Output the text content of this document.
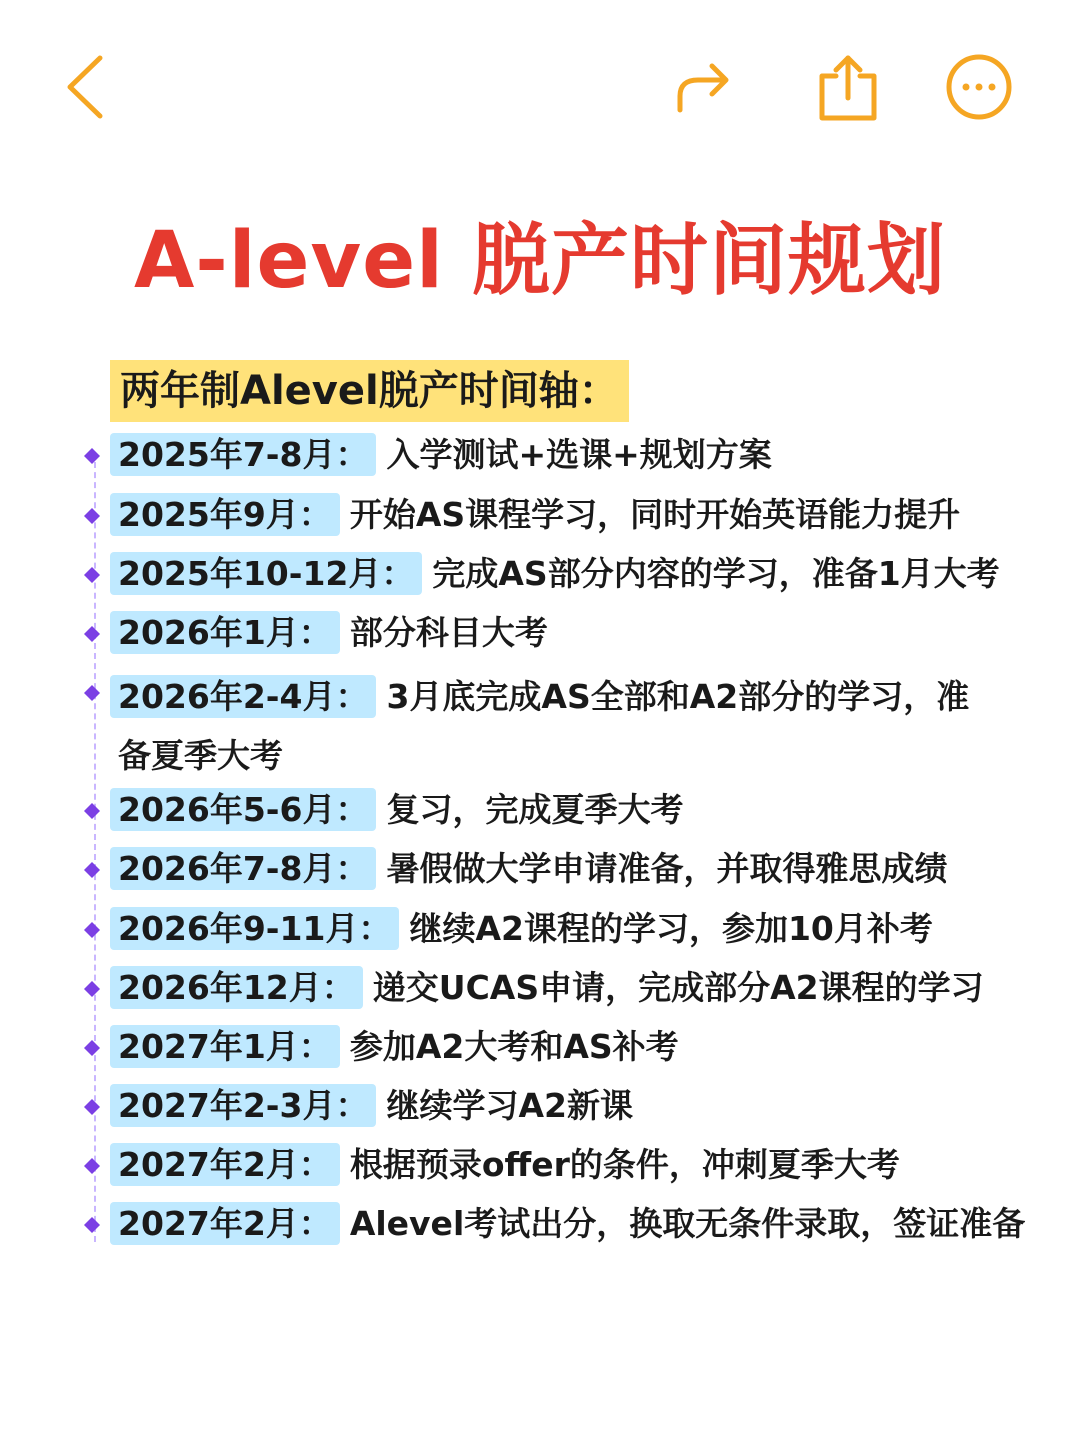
A-level 脱产时间规划
两年制Alevel脱产时间轴：
2025年7-8月： 入学测试+选课+规划方案
2025年9月： 开始AS课程学习，同时开始英语能力提升
2025年10-12月： 完成AS部分内容的学习，准备1月大考
2026年1月： 部分科目大考
2026年2-4月： 3月底完成AS全部和A2部分的学习，准备夏季大考
2026年5-6月： 复习，完成夏季大考
2026年7-8月： 暑假做大学申请准备，并取得雅思成绩
2026年9-11月： 继续A2课程的学习，参加10月补考
2026年12月： 递交UCAS申请，完成部分A2课程的学习
2027年1月： 参加A2大考和AS补考
2027年2-3月： 继续学习A2新课
2027年2月： 根据预录offer的条件，冲刺夏季大考
2027年2月： Alevel考试出分，换取无条件录取，签证准备
